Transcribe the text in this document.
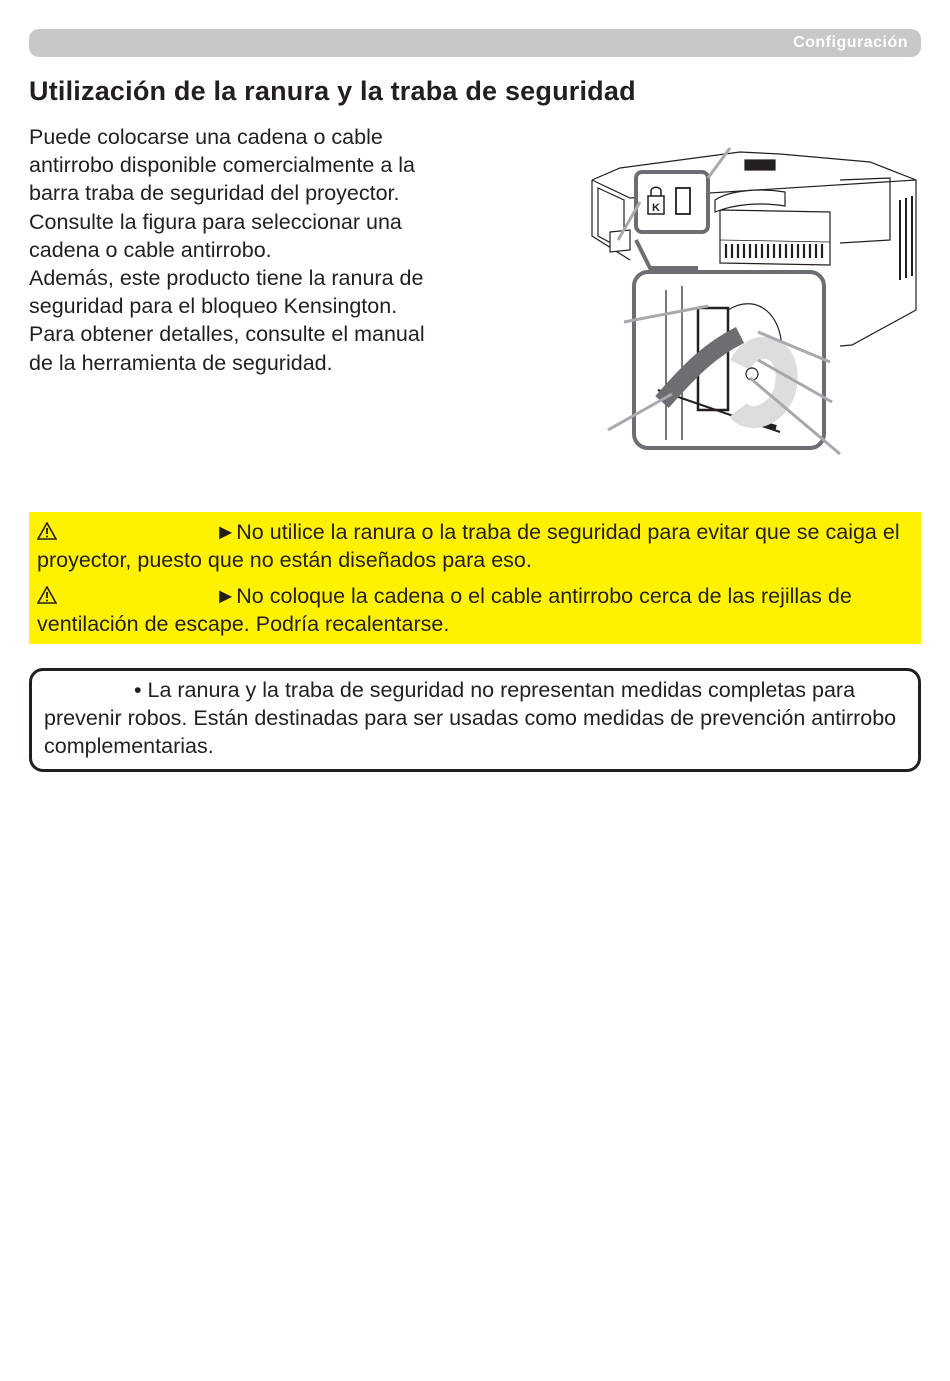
Configuración
Utilización de la ranura y la traba de seguridad
Puede colocarse una cadena o cable
antirrobo disponible comercialmente a la
barra traba de seguridad del proyector.
Consulte la figura para seleccionar una
cadena o cable antirrobo.
Además, este producto tiene la ranura de
seguridad para el bloqueo Kensington.
Para obtener detalles, consulte el manual
de la herramienta de seguridad.
K

►No utilice la ranura o la traba de seguridad para evitar que se caiga el proyector, puesto que no están diseñados para eso.

►No coloque la cadena o el cable antirrobo cerca de las rejillas de ventilación de escape. Podría recalentarse.

• La ranura y la traba de seguridad no representan medidas completas para prevenir robos. Están destinadas para ser usadas como medidas de prevención antirrobo complementarias.
